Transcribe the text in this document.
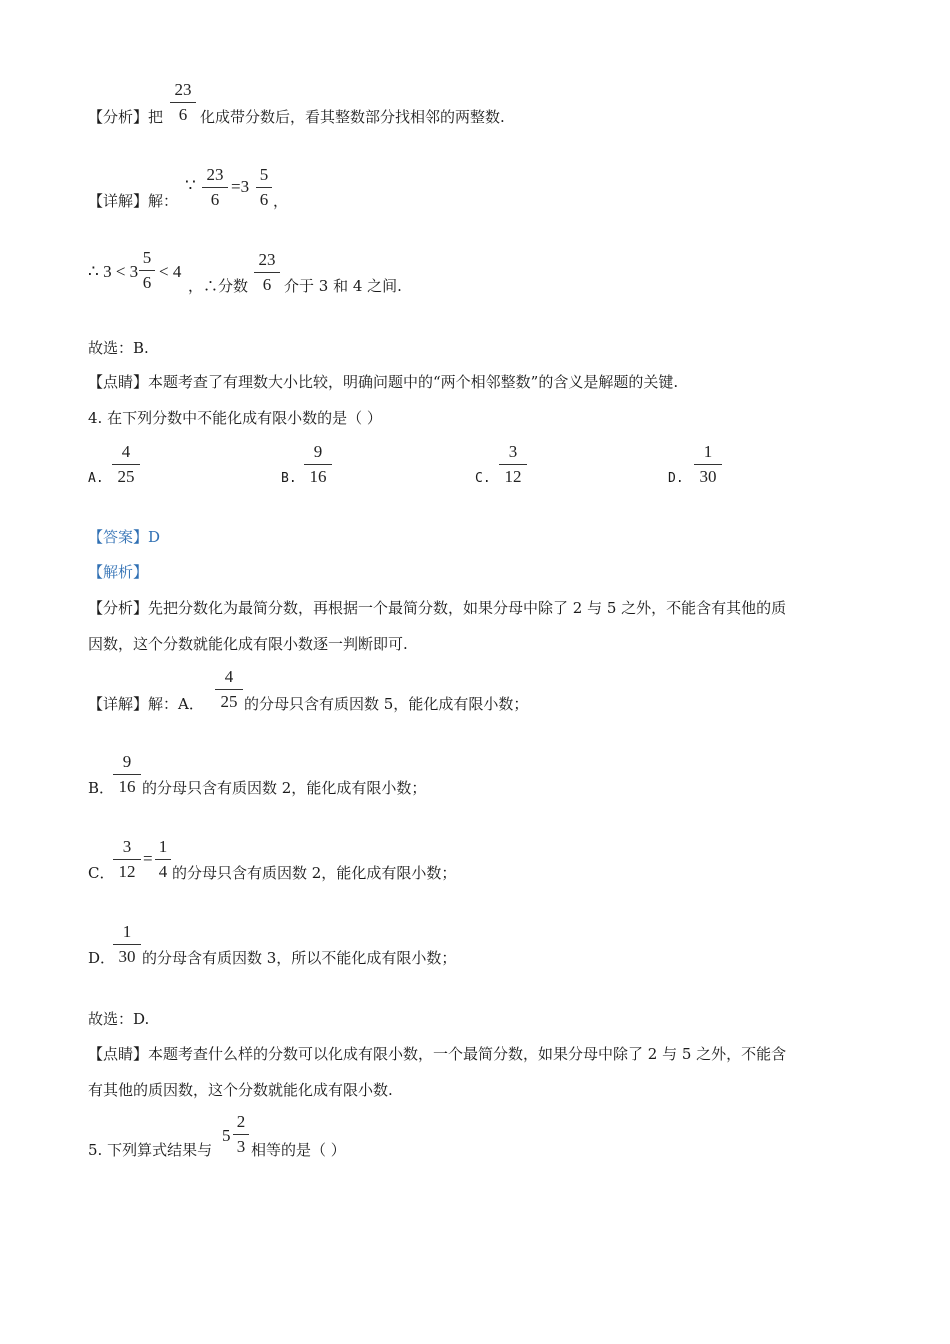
【分析】把
23
6 化成带分数后，看其整数部分找相邻的两整数.
【详解】解：
∵
23
6
=3
5
6 ，
∴ 3 < 3
5
6
< 4
，∴分数
23
6 介于 3 和 4 之间.
故选：B.
【点睛】本题考查了有理数大小比较，明确问题中的“两个相邻整数”的含义是解题的关键.
4. 在下列分数中不能化成有限小数的是（ ）
A.
4
25	B.
9
16	C.
3
12	D.
1
30
【答案】D
【解析】
【分析】先把分数化为最简分数，再根据一个最简分数，如果分母中除了 2 与 5 之外，不能含有其他的质
因数，这个分数就能化成有限小数逐一判断即可.
【详解】解：A．
4
25 的分母只含有质因数 5，能化成有限小数；
B．
9
16 的分母只含有质因数 2，能化成有限小数；
C．
3
12
=
1
4 的分母只含有质因数 2，能化成有限小数；
D．
1
30 的分母含有质因数 3，所以不能化成有限小数；
故选：D.
【点睛】本题考查什么样的分数可以化成有限小数，一个最简分数，如果分母中除了 2 与 5 之外，不能含
有其他的质因数，这个分数就能化成有限小数.
5. 下列算式结果与
5
2
3 相等的是（ ）
